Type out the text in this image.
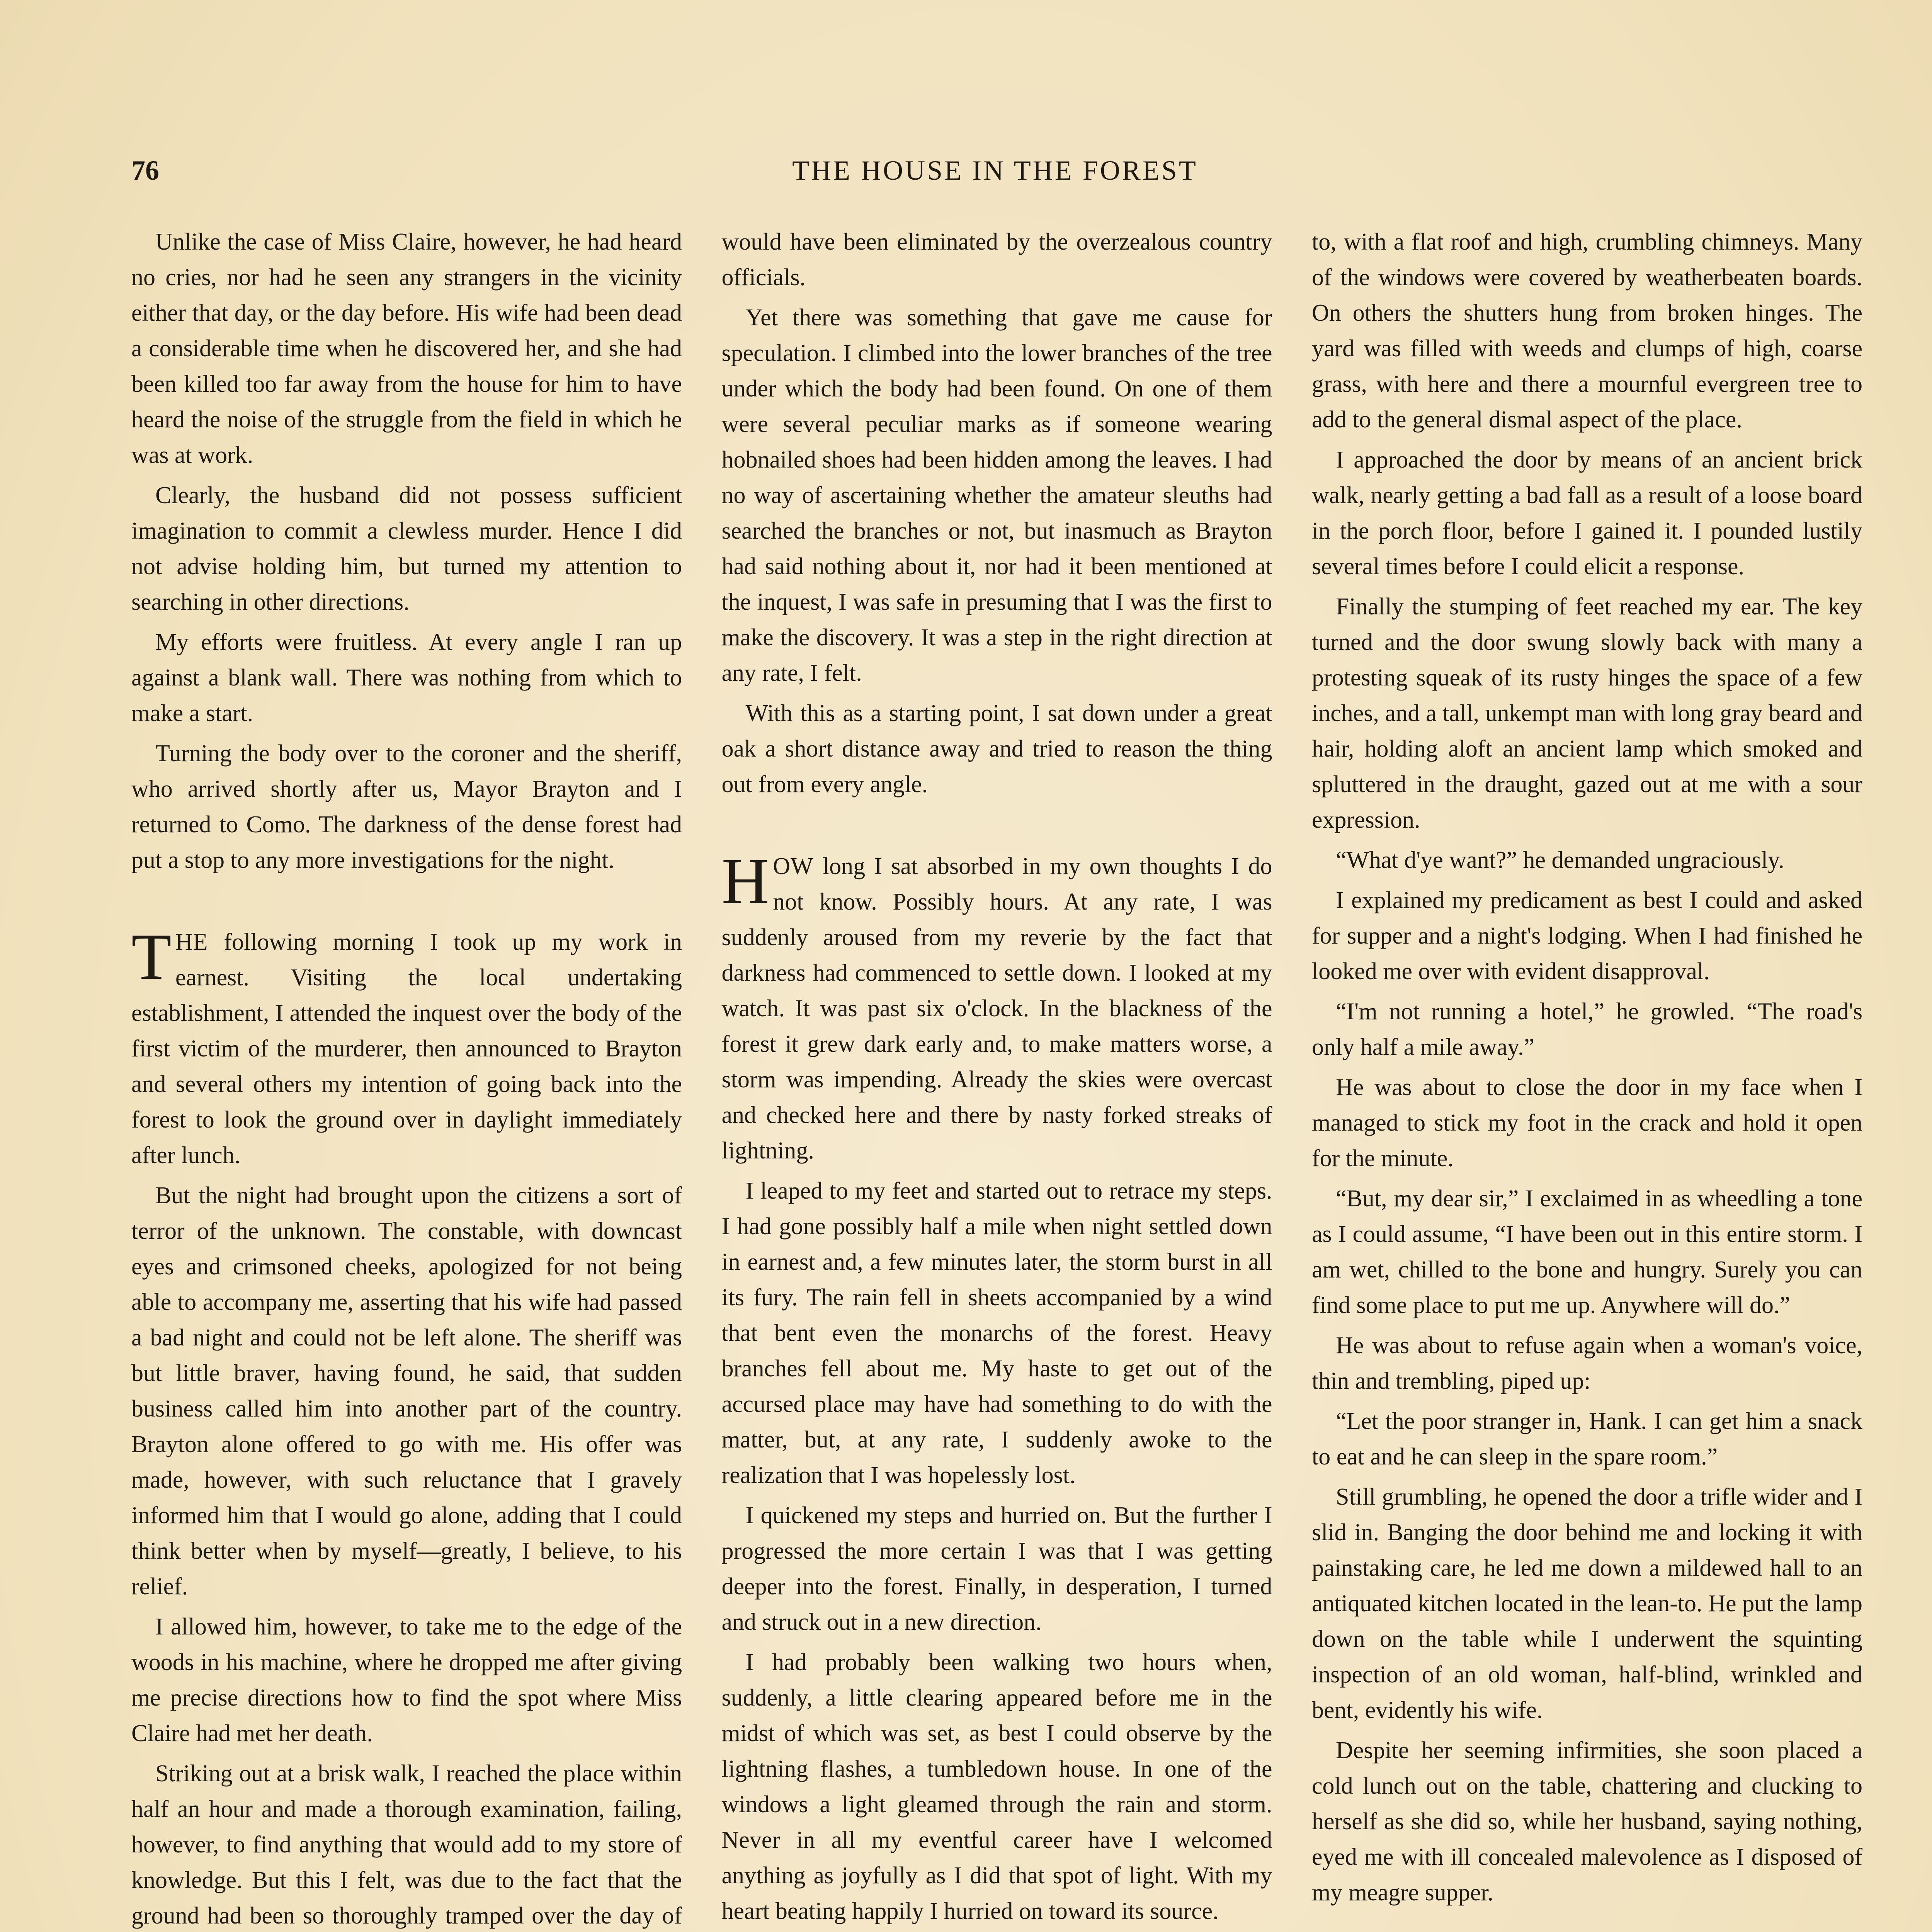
76	THE HOUSE IN THE FOREST

Unlike the case of Miss Claire, however, he had heard no cries, nor had he seen any strangers in the vicinity either that day, or the day before. His wife had been dead a considerable time when he discovered her, and she had been killed too far away from the house for him to have heard the noise of the struggle from the field in which he was at work.

Clearly, the husband did not possess sufficient imagination to commit a clewless murder. Hence I did not advise holding him, but turned my attention to searching in other directions.

My efforts were fruitless. At every angle I ran up against a blank wall. There was nothing from which to make a start.

Turning the body over to the coroner and the sheriff, who arrived shortly after us, Mayor Brayton and I returned to Como. The darkness of the dense forest had put a stop to any more investigations for the night.

THE following morning I took up my work in earnest. Visiting the local undertaking establishment, I attended the inquest over the body of the first victim of the murderer, then announced to Brayton and several others my intention of going back into the forest to look the ground over in daylight immediately after lunch.

But the night had brought upon the citizens a sort of terror of the unknown. The constable, with downcast eyes and crimsoned cheeks, apologized for not being able to accompany me, asserting that his wife had passed a bad night and could not be left alone. The sheriff was but little braver, having found, he said, that sudden business called him into another part of the country. Brayton alone offered to go with me. His offer was made, however, with such reluctance that I gravely informed him that I would go alone, adding that I could think better when by myself—greatly, I believe, to his relief.

I allowed him, however, to take me to the edge of the woods in his machine, where he dropped me after giving me precise directions how to find the spot where Miss Claire had met her death.

Striking out at a brisk walk, I reached the place within half an hour and made a thorough examination, failing, however, to find anything that would add to my store of knowledge. But this I felt, was due to the fact that the ground had been so thoroughly tramped over the day of

would have been eliminated by the overzealous country officials.

Yet there was something that gave me cause for speculation. I climbed into the lower branches of the tree under which the body had been found. On one of them were several peculiar marks as if someone wearing hobnailed shoes had been hidden among the leaves. I had no way of ascertaining whether the amateur sleuths had searched the branches or not, but inasmuch as Brayton had said nothing about it, nor had it been mentioned at the inquest, I was safe in presuming that I was the first to make the discovery. It was a step in the right direction at any rate, I felt.

With this as a starting point, I sat down under a great oak a short distance away and tried to reason the thing out from every angle.

HOW long I sat absorbed in my own thoughts I do not know. Possibly hours. At any rate, I was suddenly aroused from my reverie by the fact that darkness had commenced to settle down. I looked at my watch. It was past six o'clock. In the blackness of the forest it grew dark early and, to make matters worse, a storm was impending. Already the skies were overcast and checked here and there by nasty forked streaks of lightning.

I leaped to my feet and started out to retrace my steps. I had gone possibly half a mile when night settled down in earnest and, a few minutes later, the storm burst in all its fury. The rain fell in sheets accompanied by a wind that bent even the monarchs of the forest. Heavy branches fell about me. My haste to get out of the accursed place may have had something to do with the matter, but, at any rate, I suddenly awoke to the realization that I was hopelessly lost.

I quickened my steps and hurried on. But the further I progressed the more certain I was that I was getting deeper into the forest. Finally, in desperation, I turned and struck out in a new direction.

I had probably been walking two hours when, suddenly, a little clearing appeared before me in the midst of which was set, as best I could observe by the lightning flashes, a tumbledown house. In one of the windows a light gleamed through the rain and storm. Never in all my eventful career have I welcomed anything as joyfully as I did that spot of light. With my heart beating happily I hurried on toward its source.

to, with a flat roof and high, crumbling chimneys. Many of the windows were covered by weatherbeaten boards. On others the shutters hung from broken hinges. The yard was filled with weeds and clumps of high, coarse grass, with here and there a mournful evergreen tree to add to the general dismal aspect of the place.

I approached the door by means of an ancient brick walk, nearly getting a bad fall as a result of a loose board in the porch floor, before I gained it. I pounded lustily several times before I could elicit a response.

Finally the stumping of feet reached my ear. The key turned and the door swung slowly back with many a protesting squeak of its rusty hinges the space of a few inches, and a tall, unkempt man with long gray beard and hair, holding aloft an ancient lamp which smoked and spluttered in the draught, gazed out at me with a sour expression.

“What d'ye want?” he demanded ungraciously.

I explained my predicament as best I could and asked for supper and a night's lodging. When I had finished he looked me over with evident disapproval.

“I'm not running a hotel,” he growled. “The road's only half a mile away.”

He was about to close the door in my face when I managed to stick my foot in the crack and hold it open for the minute.

“But, my dear sir,” I exclaimed in as wheedling a tone as I could assume, “I have been out in this entire storm. I am wet, chilled to the bone and hungry. Surely you can find some place to put me up. Anywhere will do.”

He was about to refuse again when a woman's voice, thin and trembling, piped up:

“Let the poor stranger in, Hank. I can get him a snack to eat and he can sleep in the spare room.”

Still grumbling, he opened the door a trifle wider and I slid in. Banging the door behind me and locking it with painstaking care, he led me down a mildewed hall to an antiquated kitchen located in the lean-to. He put the lamp down on the table while I underwent the squinting inspection of an old woman, half-blind, wrinkled and bent, evidently his wife.

Despite her seeming infirmities, she soon placed a cold lunch out on the table, chattering and clucking to herself as she did so, while her husband, saying nothing, eyed me with ill concealed malevolence as I disposed of my meagre supper.
